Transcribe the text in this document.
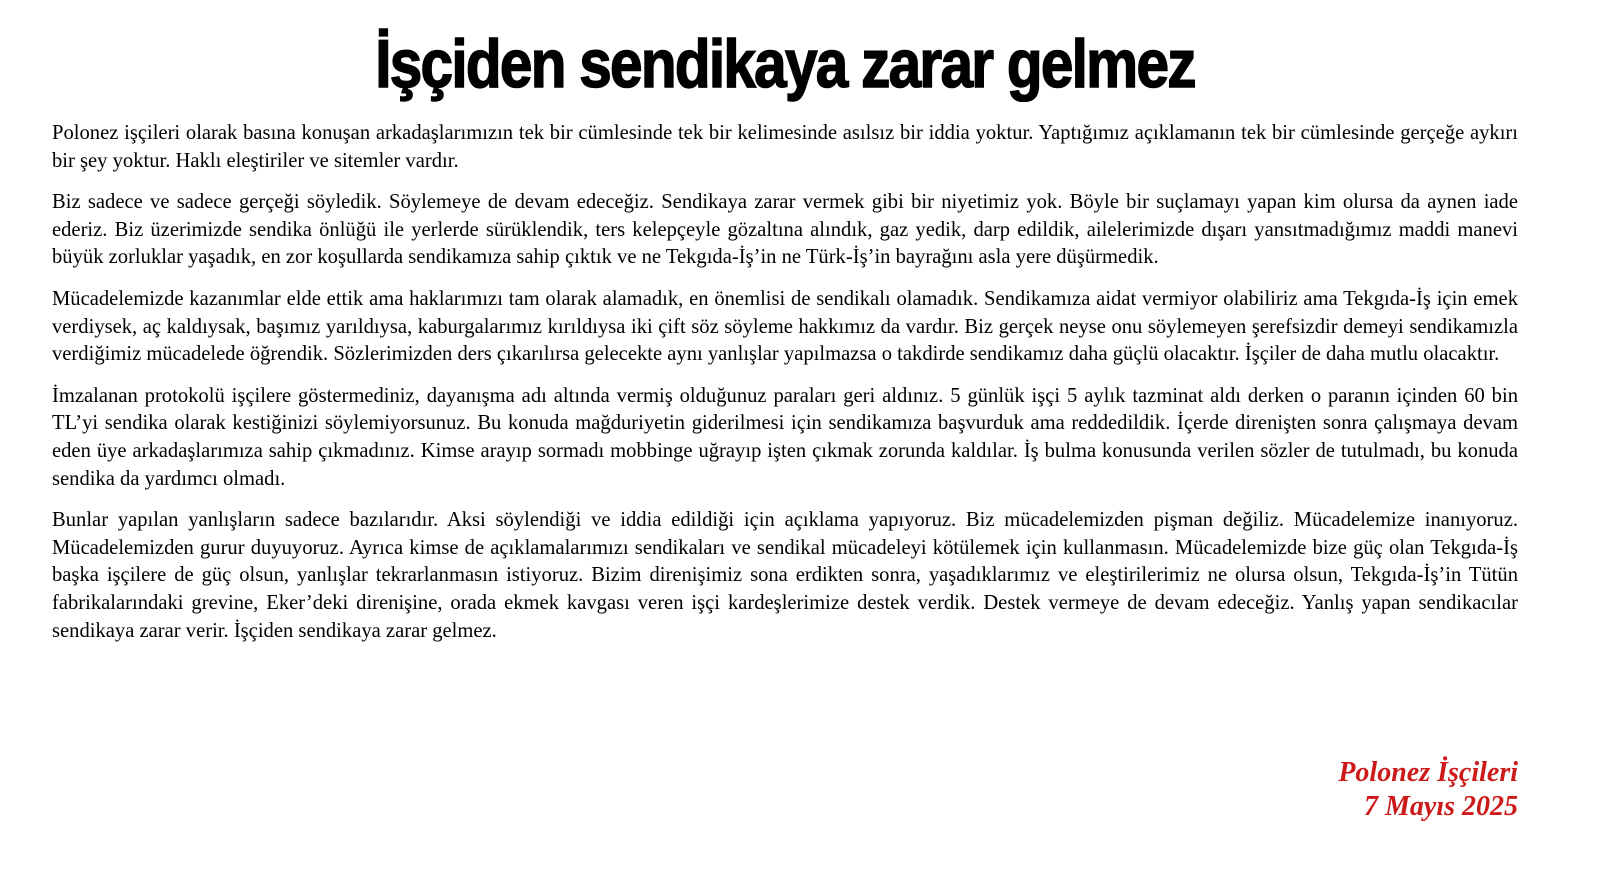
İşçiden sendikaya zarar gelmez

Polonez işçileri olarak basına konuşan arkadaşlarımızın tek bir cümlesinde tek bir kelimesinde asılsız bir iddia yoktur. Yaptığımız açıklamanın tek bir cümlesinde gerçeğe aykırı bir şey yoktur. Haklı eleştiriler ve sitemler vardır.

Biz sadece ve sadece gerçeği söyledik. Söylemeye de devam edeceğiz. Sendikaya zarar vermek gibi bir niyetimiz yok. Böyle bir suçlamayı yapan kim olursa da aynen iade ederiz. Biz üzerimizde sendika önlüğü ile yerlerde sürüklendik, ters kelepçeyle gözaltına alındık, gaz yedik, darp edildik, ailelerimizde dışarı yansıtmadığımız maddi manevi büyük zorluklar yaşadık, en zor koşullarda sendikamıza sahip çıktık ve ne Tekgıda-İş’in ne Türk-İş’in bayrağını asla yere düşürmedik.

Mücadelemizde kazanımlar elde ettik ama haklarımızı tam olarak alamadık, en önemlisi de sendikalı olamadık. Sendikamıza aidat vermiyor olabiliriz ama Tekgıda-İş için emek verdiysek, aç kaldıysak, başımız yarıldıysa, kaburgalarımız kırıldıysa iki çift söz söyleme hakkımız da vardır. Biz gerçek neyse onu söylemeyen şerefsizdir demeyi sendikamızla verdiğimiz mücadelede öğrendik. Sözlerimizden ders çıkarılırsa gelecekte aynı yanlışlar yapılmazsa o takdirde sendikamız daha güçlü olacaktır. İşçiler de daha mutlu olacaktır.

İmzalanan protokolü işçilere göstermediniz, dayanışma adı altında vermiş olduğunuz paraları geri aldınız. 5 günlük işçi 5 aylık tazminat aldı derken o paranın içinden 60 bin TL’yi sendika olarak kestiğinizi söylemiyorsunuz. Bu konuda mağduriyetin giderilmesi için sendikamıza başvurduk ama reddedildik. İçerde direnişten sonra çalışmaya devam eden üye arkadaşlarımıza sahip çıkmadınız. Kimse arayıp sormadı mobbinge uğrayıp işten çıkmak zorunda kaldılar. İş bulma konusunda verilen sözler de tutulmadı, bu konuda sendika da yardımcı olmadı.

Bunlar yapılan yanlışların sadece bazılarıdır. Aksi söylendiği ve iddia edildiği için açıklama yapıyoruz. Biz mücadelemizden pişman değiliz. Mücadelemize inanıyoruz. Mücadelemizden gurur duyuyoruz. Ayrıca kimse de açıklamalarımızı sendikaları ve sendikal mücadeleyi kötülemek için kullanmasın. Mücadelemizde bize güç olan Tekgıda-İş başka işçilere de güç olsun, yanlışlar tekrarlanmasın istiyoruz. Bizim direnişimiz sona erdikten sonra, yaşadıklarımız ve eleştirilerimiz ne olursa olsun, Tekgıda-İş’in Tütün fabrikalarındaki grevine, Eker’deki direnişine, orada ekmek kavgası veren işçi kardeşlerimize destek verdik. Destek vermeye de devam edeceğiz. Yanlış yapan sendikacılar sendikaya zarar verir. İşçiden sendikaya zarar gelmez.

Polonez İşçileri
7 Mayıs 2025
